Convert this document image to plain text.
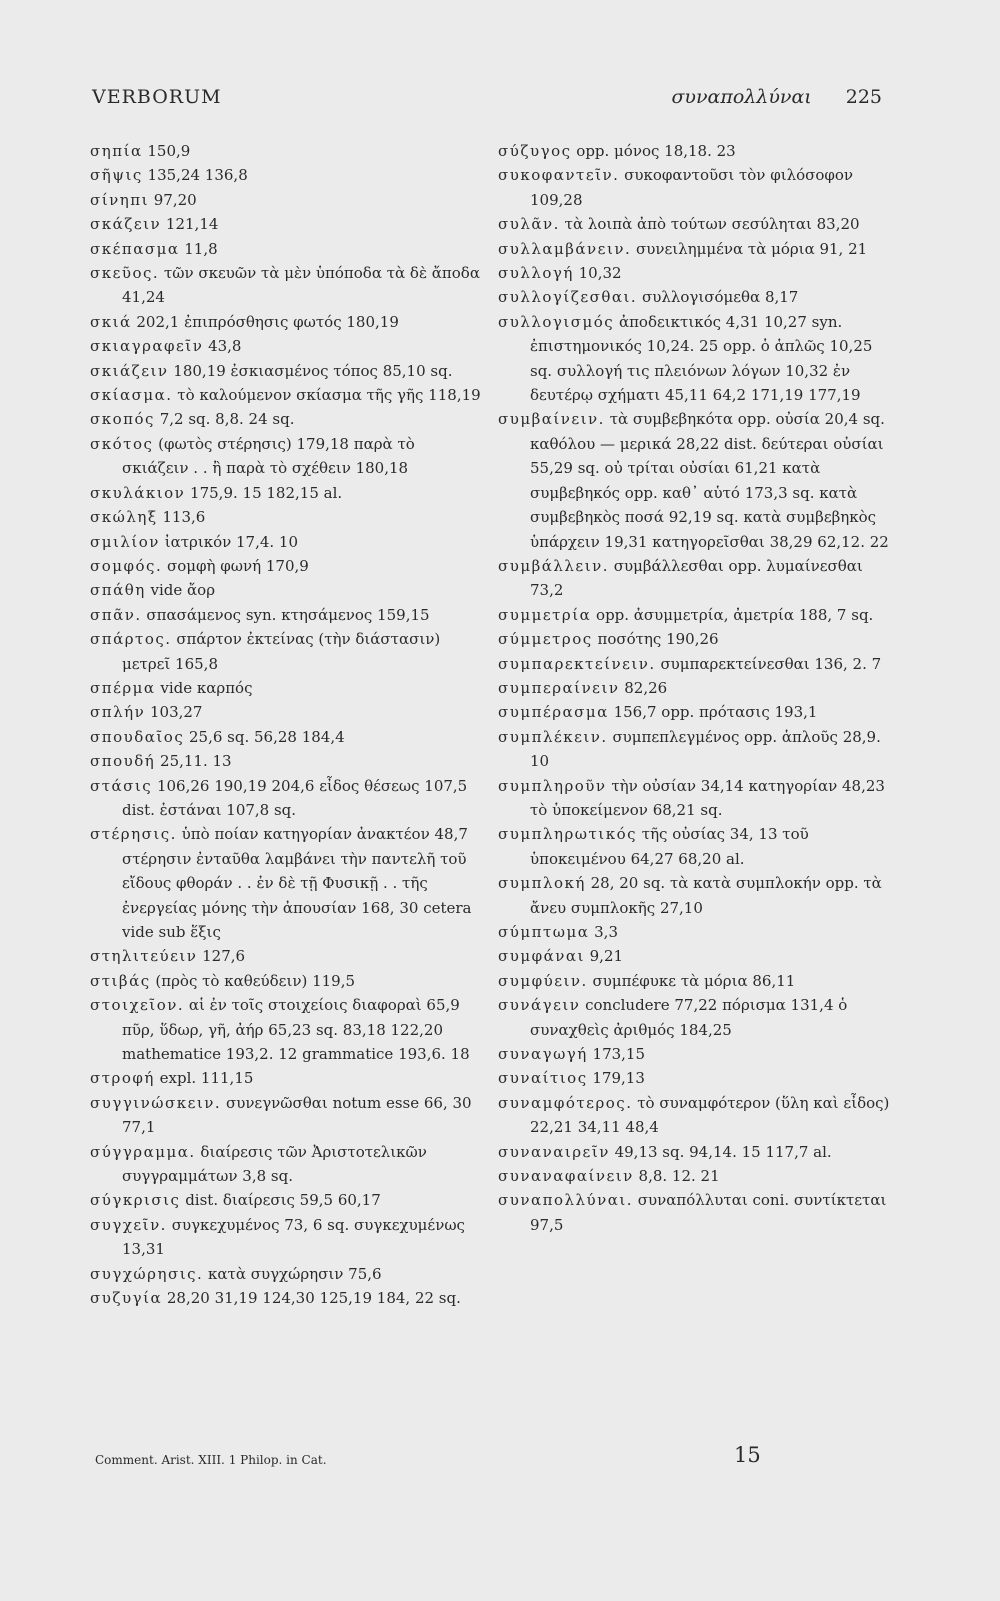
VERBORUM	συναπολλύναι 225
σηπία 150,9
σῆψις 135,24 136,8
σίνηπι 97,20
σκάζειν 121,14
σκέπασμα 11,8
σκεῦος. τῶν σκευῶν τὰ μὲν ὑπόποδα τὰ δὲ ἄποδα 41,24
σκιά 202,1 ἐπιπρόσθησις φωτός 180,19
σκιαγραφεῖν 43,8
σκιάζειν 180,19 ἐσκιασμένος τόπος 85,10 sq.
σκίασμα. τὸ καλούμενον σκίασμα τῆς γῆς 118,19
σκοπός 7,2 sq. 8,8. 24 sq.
σκότος (φωτὸς στέρησις) 179,18 παρὰ τὸ σκιάζειν . . ἢ παρὰ τὸ σχέθειν 180,18
σκυλάκιον 175,9. 15 182,15 al.
σκώληξ 113,6
σμιλίον ἰατρικόν 17,4. 10
σομφός. σομφὴ φωνή 170,9
σπάθη vide ἄορ
σπᾶν. σπασάμενος syn. κτησάμενος 159,15
σπάρτος. σπάρτον ἐκτείνας (τὴν διάστασιν) μετρεῖ 165,8
σπέρμα vide καρπός
σπλήν 103,27
σπουδαῖος 25,6 sq. 56,28 184,4
σπουδή 25,11. 13
στάσις 106,26 190,19 204,6 εἶδος θέσεως 107,5 dist. ἑστάναι 107,8 sq.
στέρησις. ὑπὸ ποίαν κατηγορίαν ἀνακτέον 48,7 στέρησιν ἐνταῦθα λαμβάνει τὴν παντελῆ τοῦ εἴδους φθοράν . . ἐν δὲ τῇ Φυσικῇ . . τῆς ἐνεργείας μόνης τὴν ἀπουσίαν 168, 30 cetera vide sub ἕξις
στηλιτεύειν 127,6
στιβάς (πρὸς τὸ καθεύδειν) 119,5
στοιχεῖον. αἱ ἐν τοῖς στοιχείοις διαφοραὶ 65,9 πῦρ, ὕδωρ, γῆ, ἀήρ 65,23 sq. 83,18 122,20 mathematice 193,2. 12 grammatice 193,6. 18
στροφή expl. 111,15
συγγινώσκειν. συνεγνῶσθαι notum esse 66, 30 77,1
σύγγραμμα. διαίρεσις τῶν Ἀριστοτελικῶν συγγραμμάτων 3,8 sq.
σύγκρισις dist. διαίρεσις 59,5 60,17
συγχεῖν. συγκεχυμένος 73, 6 sq. συγκεχυμένως 13,31
συγχώρησις. κατὰ συγχώρησιν 75,6
συζυγία 28,20 31,19 124,30 125,19 184, 22 sq.
σύζυγος opp. μόνος 18,18. 23
συκοφαντεῖν. συκοφαντοῦσι τὸν φιλόσοφον 109,28
συλᾶν. τὰ λοιπὰ ἀπὸ τούτων σεσύληται 83,20
συλλαμβάνειν. συνειλημμένα τὰ μόρια 91, 21
συλλογή 10,32
συλλογίζεσθαι. συλλογισόμεθα 8,17
συλλογισμός ἀποδεικτικός 4,31 10,27 syn. ἐπιστημονικός 10,24. 25 opp. ὁ ἁπλῶς 10,25 sq. συλλογή τις πλειόνων λόγων 10,32 ἐν δευτέρῳ σχήματι 45,11 64,2 171,19 177,19
συμβαίνειν. τὰ συμβεβηκότα opp. οὐσία 20,4 sq. καθόλου — μερικά 28,22 dist. δεύτεραι οὐσίαι 55,29 sq. οὐ τρίται οὐσίαι 61,21 κατὰ συμβεβηκός opp. καθ᾽ αὑτό 173,3 sq. κατὰ συμβεβηκὸς ποσά 92,19 sq. κατὰ συμβεβηκὸς ὑπάρχειν 19,31 κατηγορεῖσθαι 38,29 62,12. 22
συμβάλλειν. συμβάλλεσθαι opp. λυμαίνεσθαι 73,2
συμμετρία opp. ἀσυμμετρία, ἀμετρία 188, 7 sq.
σύμμετρος ποσότης 190,26
συμπαρεκτείνειν. συμπαρεκτείνεσθαι 136, 2. 7
συμπεραίνειν 82,26
συμπέρασμα 156,7 opp. πρότασις 193,1
συμπλέκειν. συμπεπλεγμένος opp. ἁπλοῦς 28,9. 10
συμπληροῦν τὴν οὐσίαν 34,14 κατηγορίαν 48,23 τὸ ὑποκείμενον 68,21 sq.
συμπληρωτικός τῆς οὐσίας 34, 13 τοῦ ὑποκειμένου 64,27 68,20 al.
συμπλοκή 28, 20 sq. τὰ κατὰ συμπλοκήν opp. τὰ ἄνευ συμπλοκῆς 27,10
σύμπτωμα 3,3
συμφάναι 9,21
συμφύειν. συμπέφυκε τὰ μόρια 86,11
συνάγειν concludere 77,22 πόρισμα 131,4 ὁ συναχθεὶς ἀριθμός 184,25
συναγωγή 173,15
συναίτιος 179,13
συναμφότερος. τὸ συναμφότερον (ὕλη καὶ εἶδος) 22,21 34,11 48,4
συναναιρεῖν 49,13 sq. 94,14. 15 117,7 al.
συναναφαίνειν 8,8. 12. 21
συναπολλύναι. συναπόλλυται coni. συντίκτεται 97,5
Comment. Arist. XIII. 1 Philop. in Cat.	15
